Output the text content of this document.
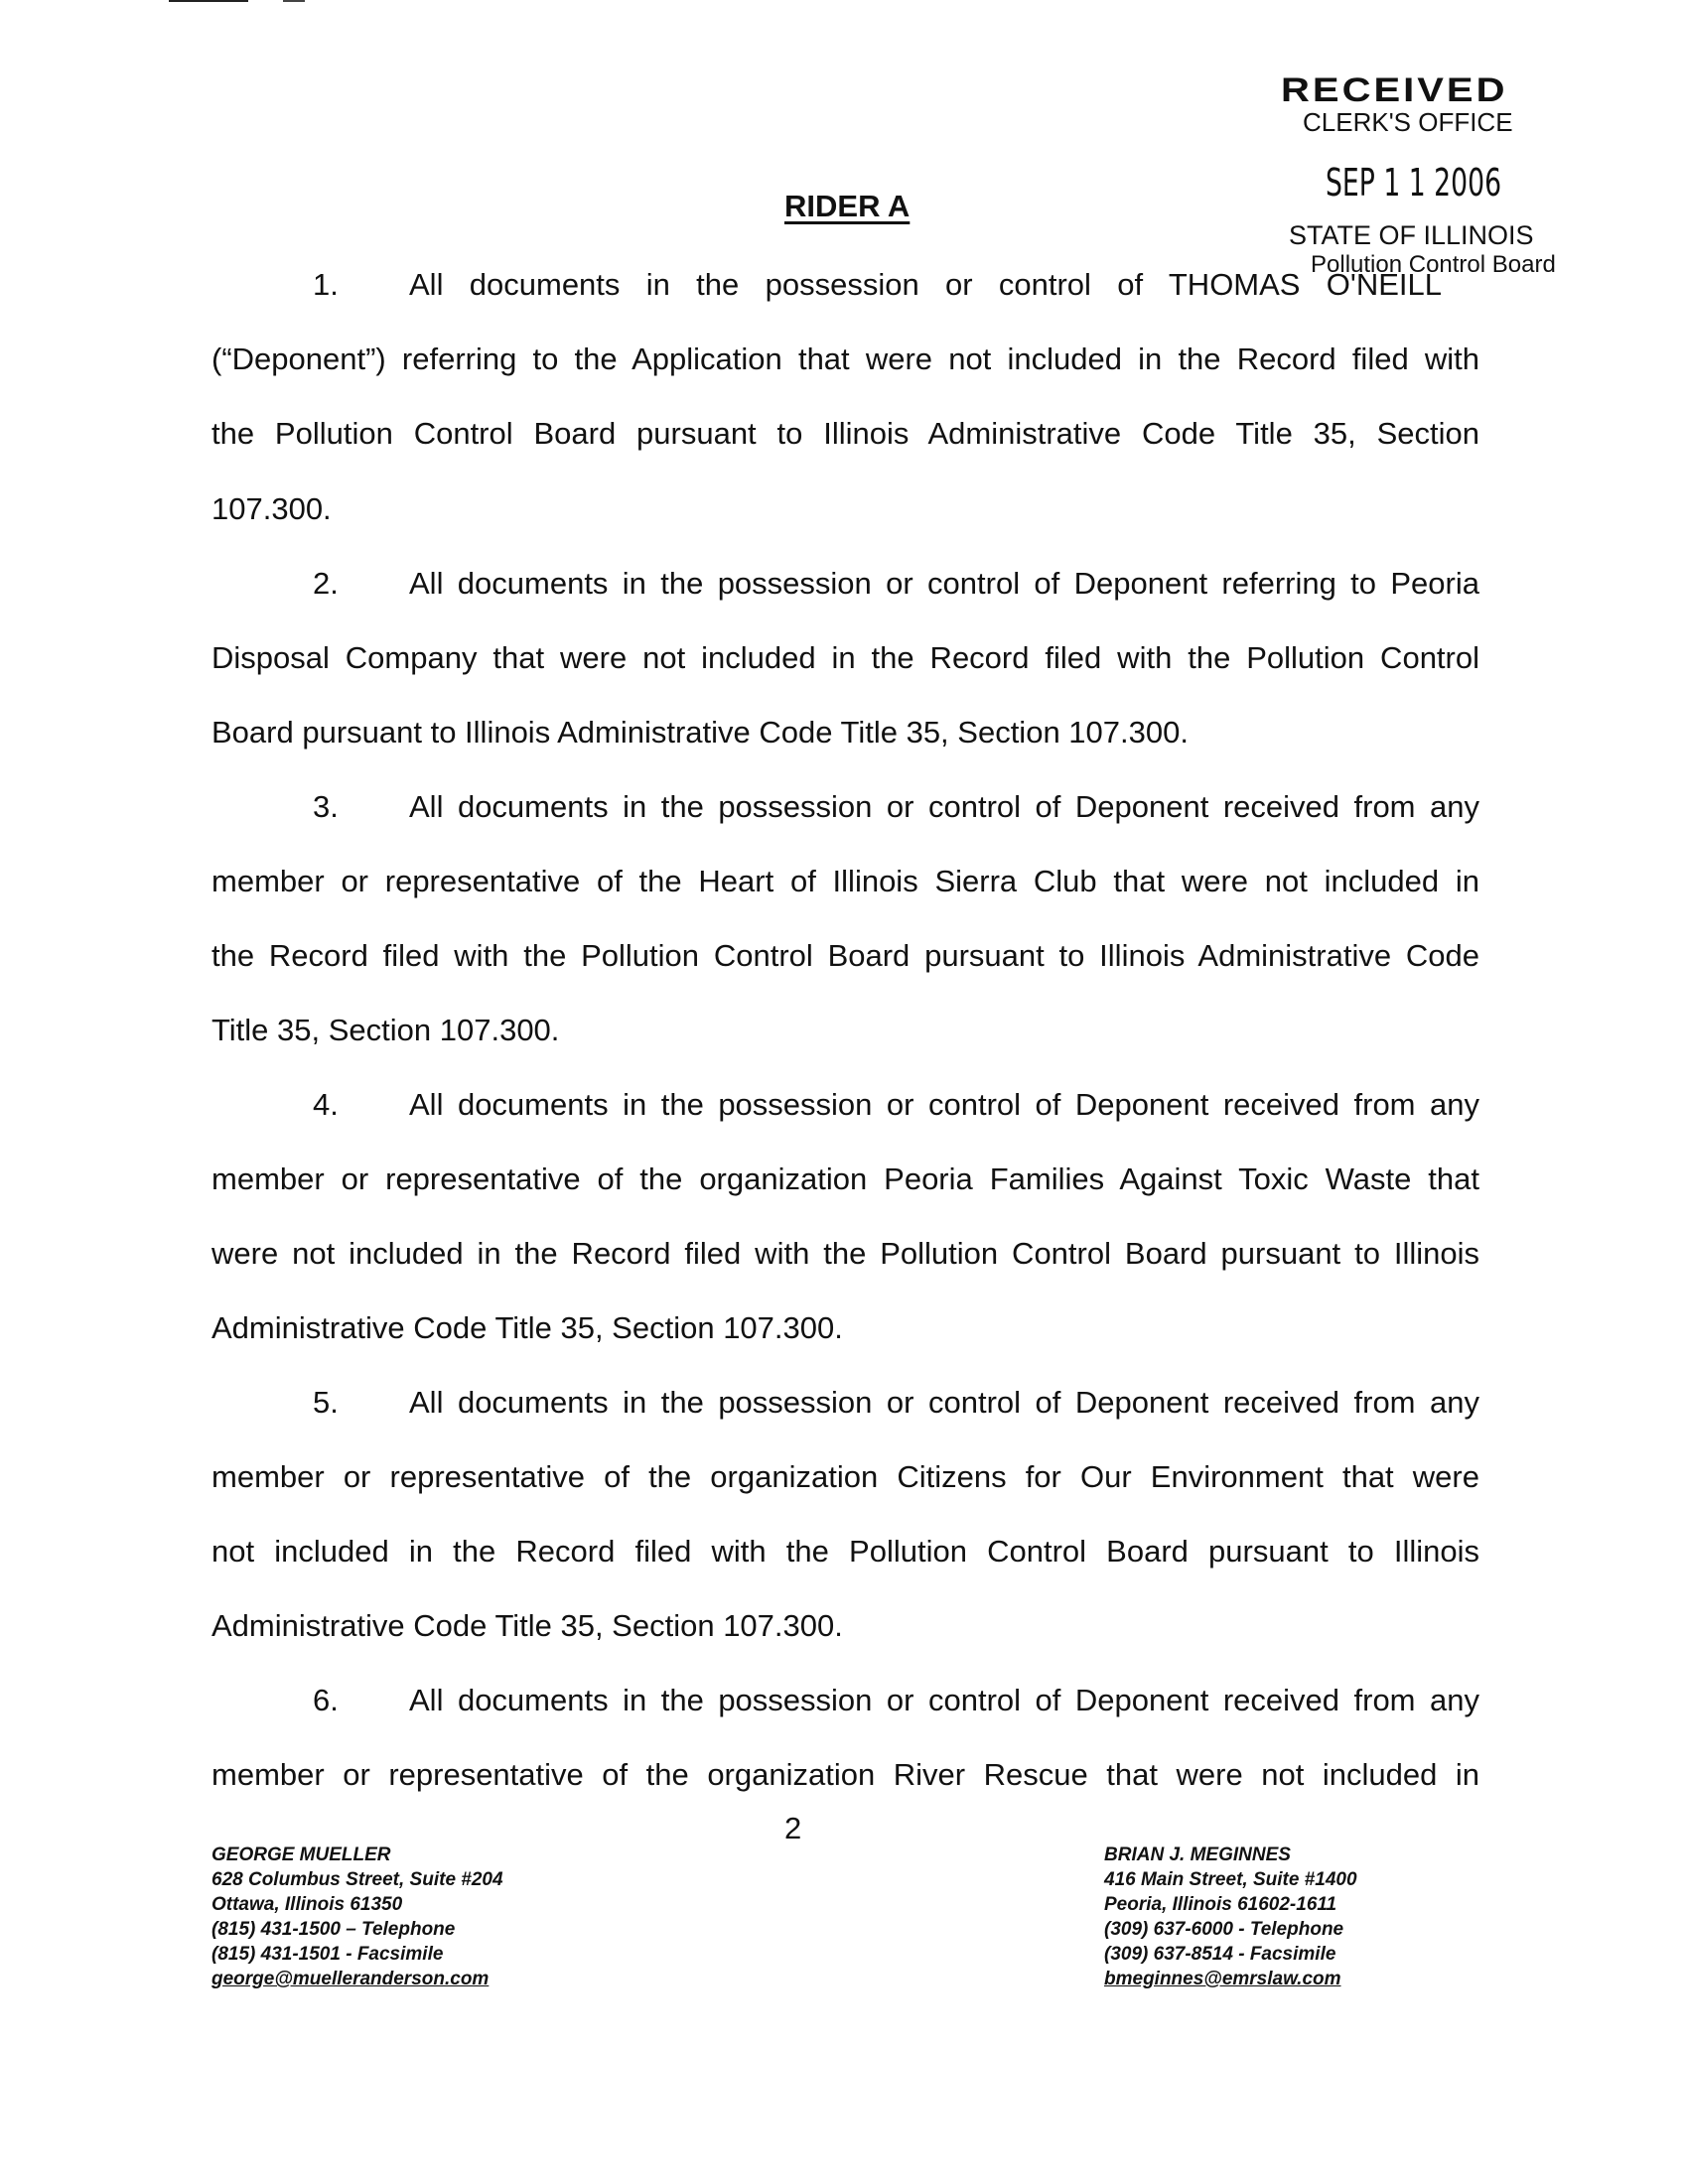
RECEIVED
CLERK'S OFFICE
SEP 1 1 2006
STATE OF ILLINOIS
Pollution Control Board
RIDER A
1. All documents in the possession or control of THOMAS O'NEILL
(“Deponent”) referring to the Application that were not included in the Record filed with
the Pollution Control Board pursuant to Illinois Administrative Code Title 35, Section
107.300.
2. All documents in the possession or control of Deponent referring to Peoria
Disposal Company that were not included in the Record filed with the Pollution Control
Board pursuant to Illinois Administrative Code Title 35, Section 107.300.
3. All documents in the possession or control of Deponent received from any
member or representative of the Heart of Illinois Sierra Club that were not included in
the Record filed with the Pollution Control Board pursuant to Illinois Administrative Code
Title 35, Section 107.300.
4. All documents in the possession or control of Deponent received from any
member or representative of the organization Peoria Families Against Toxic Waste that
were not included in the Record filed with the Pollution Control Board pursuant to Illinois
Administrative Code Title 35, Section 107.300.
5. All documents in the possession or control of Deponent received from any
member or representative of the organization Citizens for Our Environment that were
not included in the Record filed with the Pollution Control Board pursuant to Illinois
Administrative Code Title 35, Section 107.300.
6. All documents in the possession or control of Deponent received from any
member or representative of the organization River Rescue that were not included in
2
GEORGE MUELLER
628 Columbus Street, Suite #204
Ottawa, Illinois 61350
(815) 431-1500 – Telephone
(815) 431-1501 - Facsimile
george@muelleranderson.com
BRIAN J. MEGINNES
416 Main Street, Suite #1400
Peoria, Illinois 61602-1611
(309) 637-6000 - Telephone
(309) 637-8514 - Facsimile
bmeginnes@emrslaw.com
